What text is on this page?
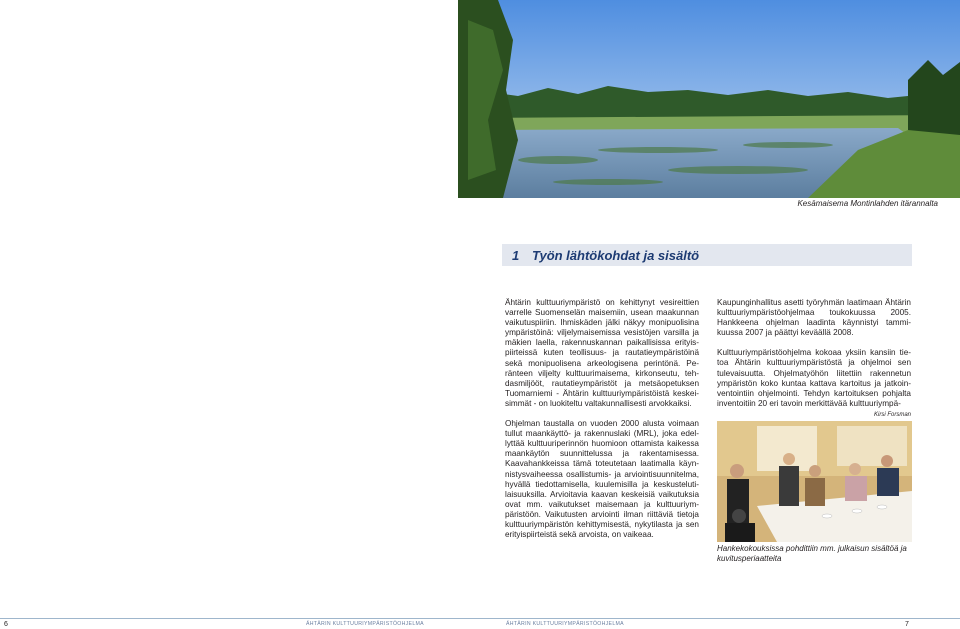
Kesämaisema Montinlahden itärannalta
1 Työn lähtökohdat ja sisältö

Ähtärin kulttuuriympäristö on kehittynyt vesireittien varrelle Suomenselän maisemiin, usean maakunnan vaikutuspiiriin. Ihmiskäden jälki näkyy monipuolisina ympäristöinä: viljelymaisemissa vesistöjen varsilla ja mäkien laella, rakennuskannan paikallisissa erityispiirteissä kuten teollisuus- ja rautatieympäristöinä sekä monipuolisena arkeologisena perintönä. Peränteen viljelty kulttuurimaisema, kirkonseutu, tehdasmiljööt, rautatieympäristöt ja metsäopetuksen Tuomarniemi - Ähtärin kulttuuriympäristöistä keskeisimmät - on luokiteltu valtakunnallisesti arvokkaiksi.

Ohjelman taustalla on vuoden 2000 alusta voimaan tullut maankäyttö- ja rakennuslaki (MRL), joka edellyttää kulttuuriperinnön huomioon ottamista kaikessa maankäytön suunnittelussa ja rakentamisessa. Kaavahankkeissa tämä toteutetaan laatimalla käynnistysvaiheessa osallistumis- ja arviointisuunnitelma, hyvällä tiedottamisella, kuulemisilla ja keskustelutilaisuuksilla. Arvioitavia kaavan keskeisiä vaikutuksia ovat mm. vaikutukset maisemaan ja kulttuuriympäristöön. Vaikutusten arviointi ilman riittäviä tietoja kulttuuriympäristön kehittymisestä, nykytilasta ja sen erityispiirteistä sekä arvoista, on vaikeaa.

Kaupunginhallitus asetti työryhmän laatimaan Ähtärin kulttuuriympäristöohjelmaa toukokuussa 2005. Hankkeena ohjelman laadinta käynnistyi tammikuussa 2007 ja päättyi keväällä 2008.

Kulttuuriympäristöohjelma kokoaa yksiin kansiin tietoa Ähtärin kulttuuriympäristöstä ja ohjelmoi sen tulevaisuutta. Ohjelmatyöhön liitettiin rakennetun ympäristön koko kuntaa kattava kartoitus ja jatkoinventointiin ohjelmointi. Tehdyn kartoituksen pohjalta inventoitiin 20 eri tavoin merkittävää kulttuuriympä-

Kirsi Forsman
Hankekokouksissa pohdittiin mm. julkaisun sisältöä ja kuvitusperiaatteita
6	ÄHTÄRIN KULTTUURIYMPÄRISTÖOHJELMA	ÄHTÄRIN KULTTUURIYMPÄRISTÖOHJELMA	7
